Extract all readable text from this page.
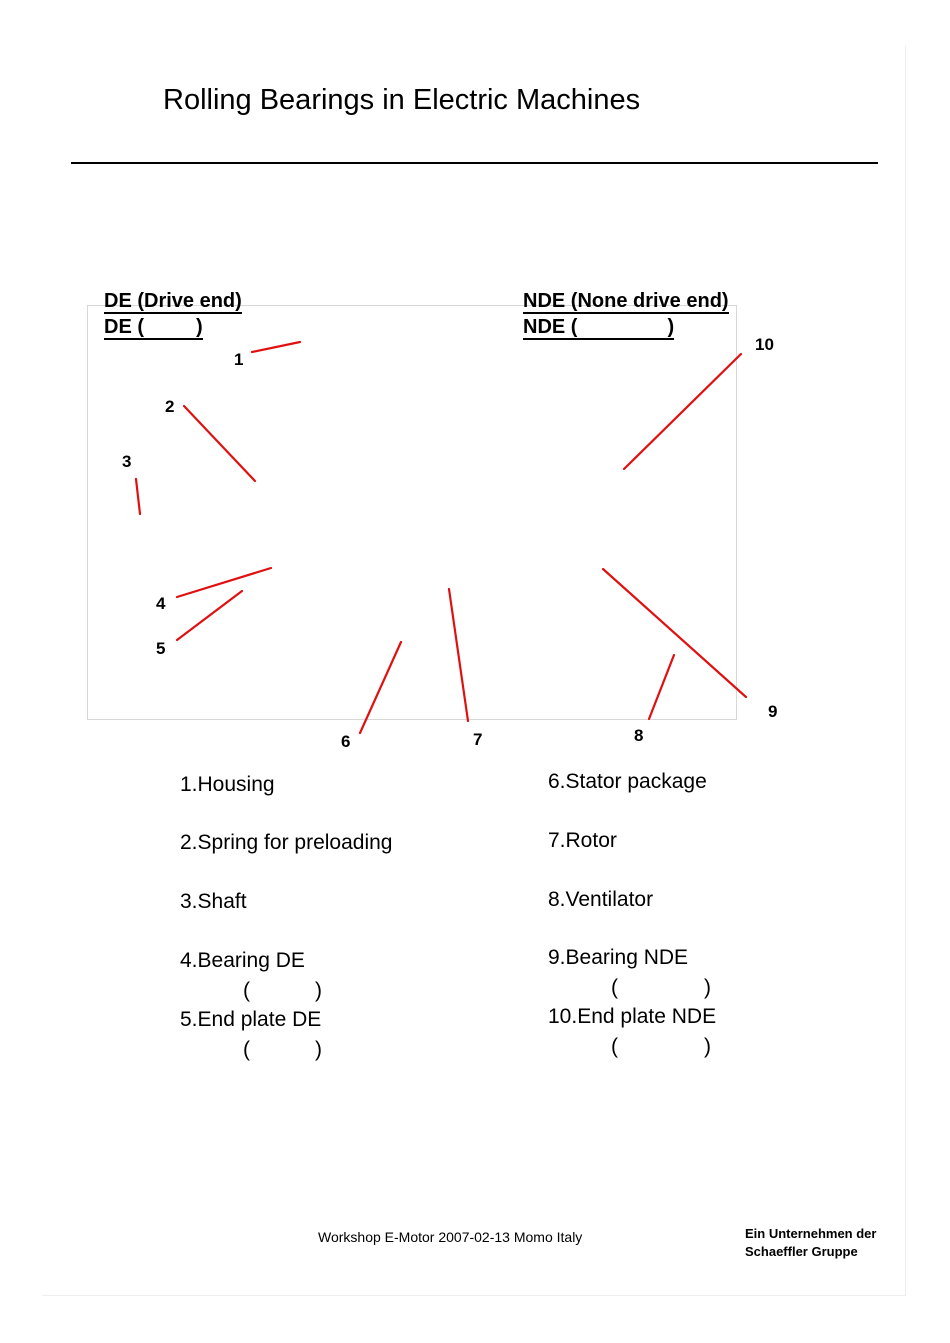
Rolling Bearings in Electric Machines
DE (Drive end)
DE (	)
NDE (None drive end)
NDE (	)
1
2
3
4
5
6	7	8
9
10
1.Housing
2.Spring for preloading
3.Shaft
4.Bearing DE
(	)
5.End plate DE
(	)
6.Stator package
7.Rotor
8.Ventilator
9.Bearing NDE
(	)
10.End plate NDE
(	)
Workshop E-Motor 2007-02-13 Momo Italy	Ein Unternehmen der
Schaeffler Gruppe
